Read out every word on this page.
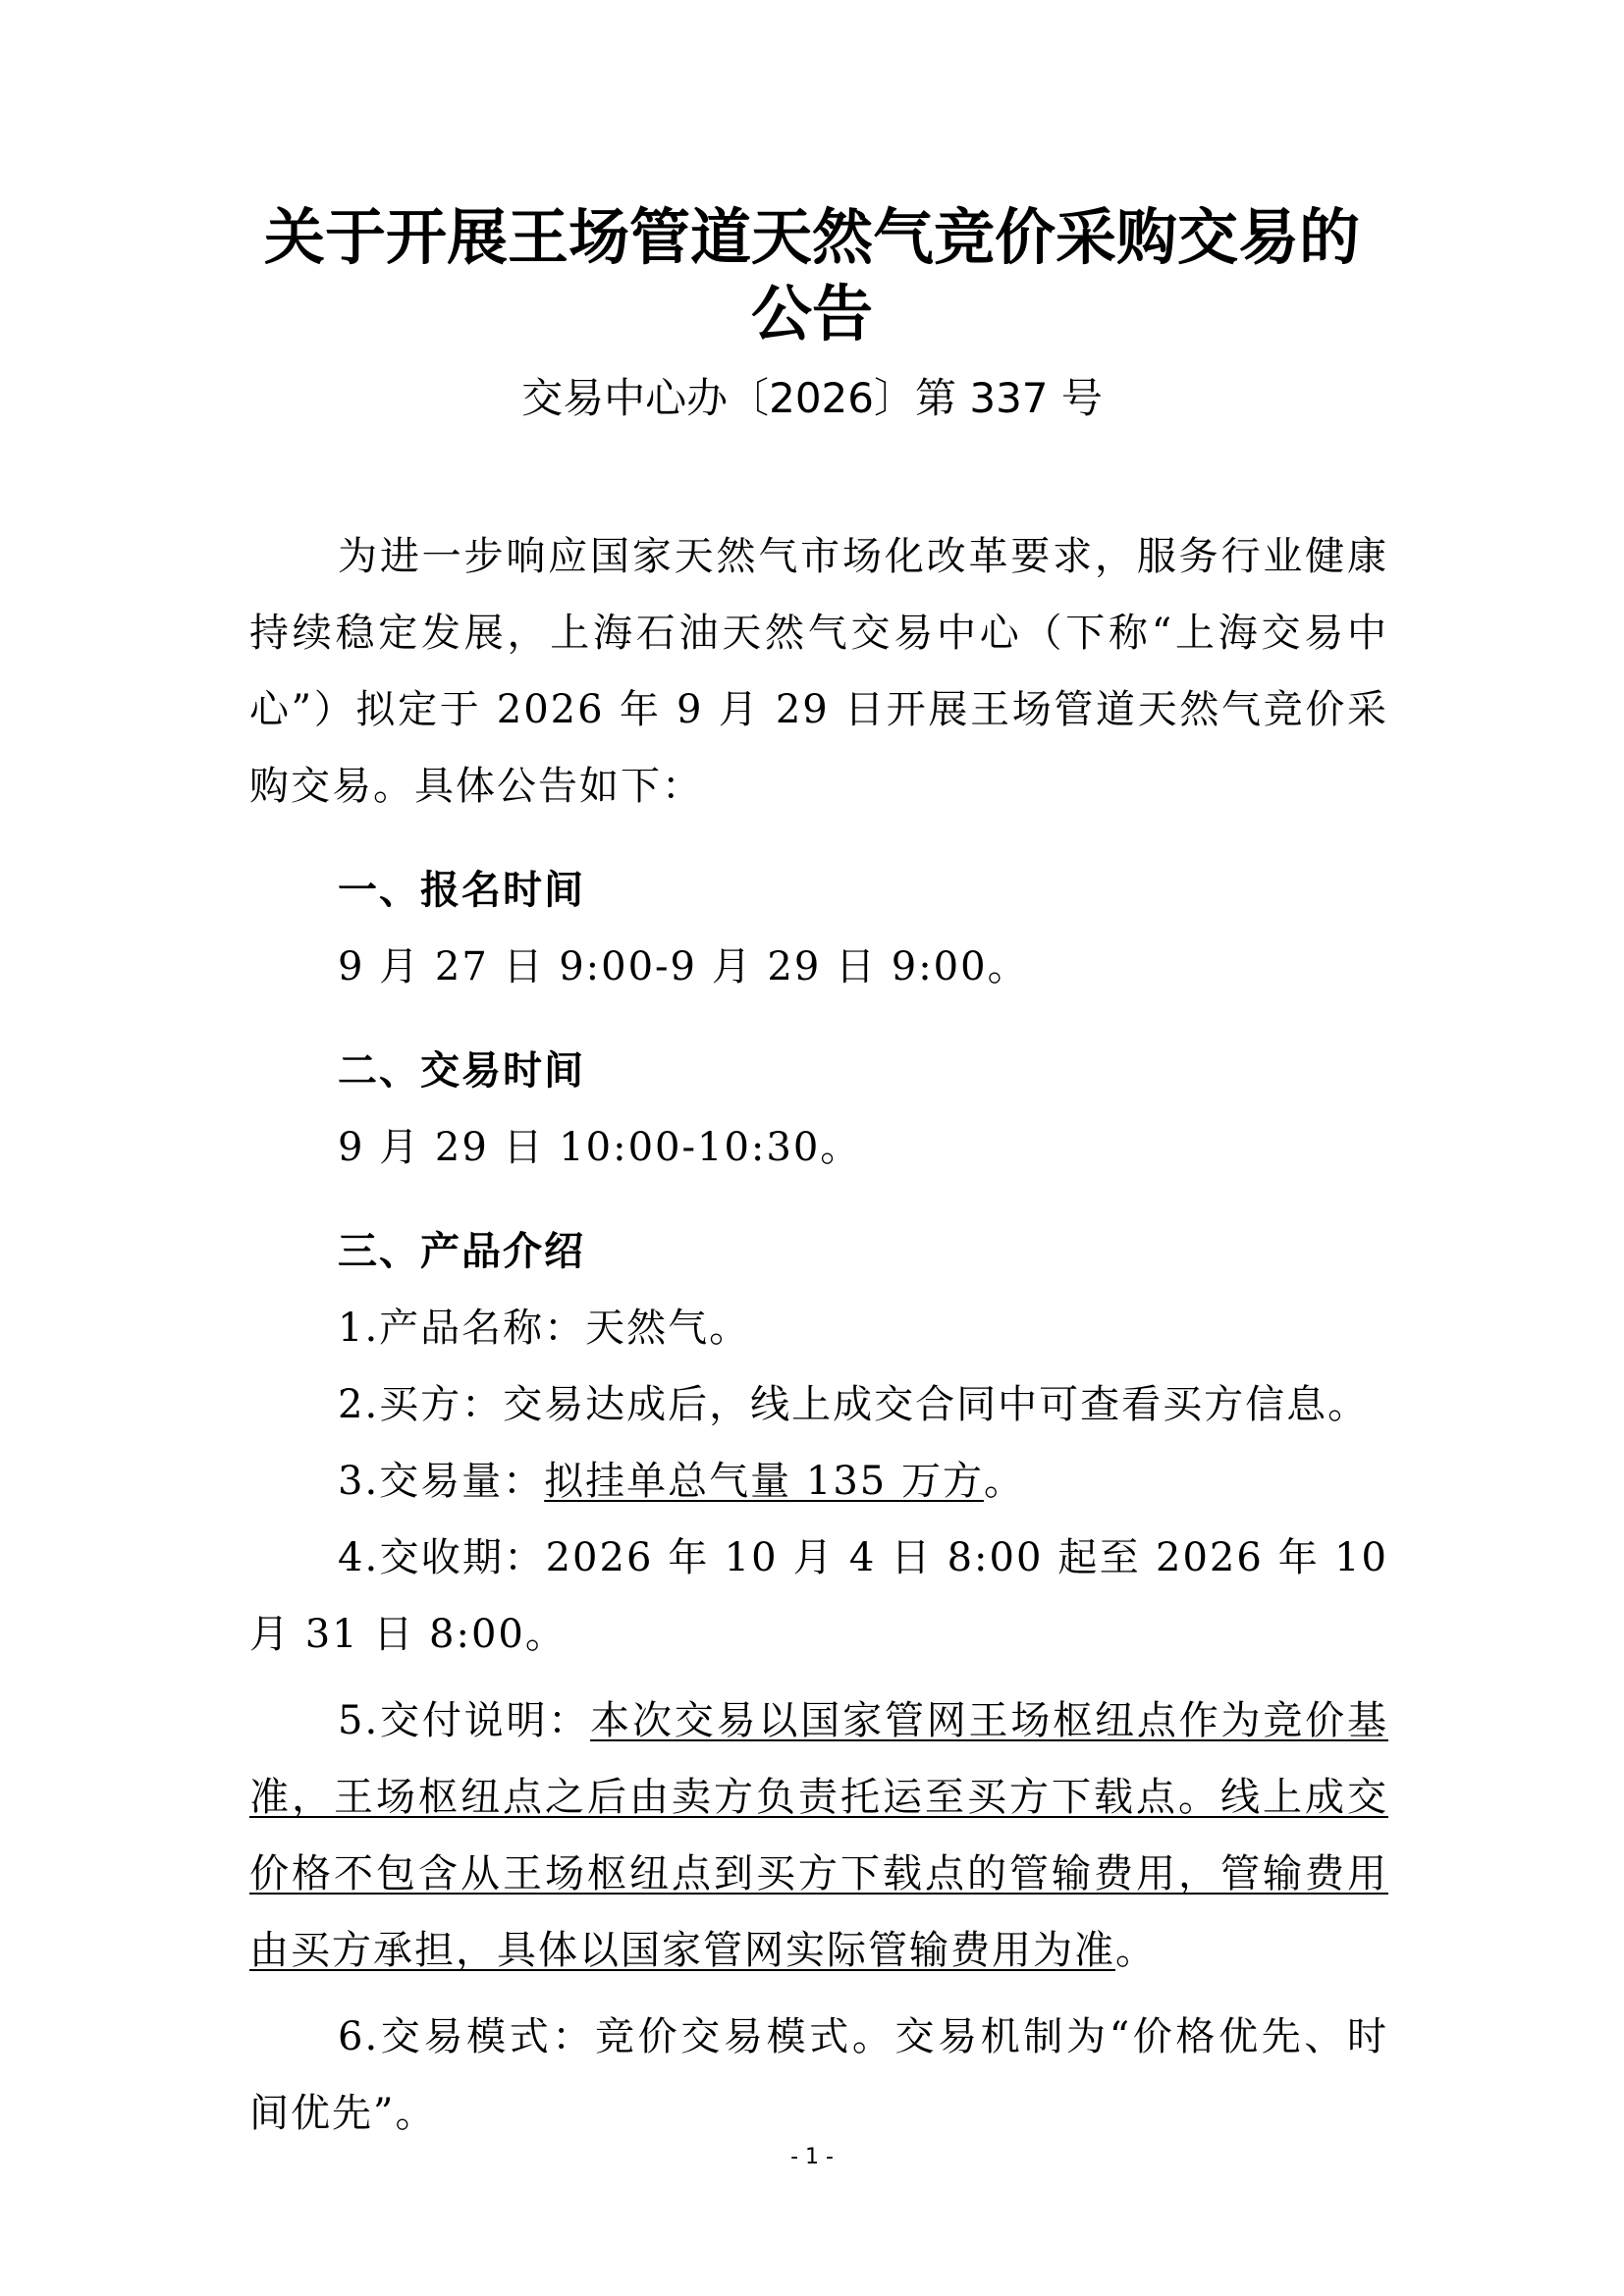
关于开展王场管道天然气竞价采购交易的
公告

交易中心办〔2026〕第 337 号

为进一步响应国家天然气市场化改革要求，服务行业健康持续稳定发展，上海石油天然气交易中心（下称“上海交易中心”）拟定于 2026 年 9 月 29 日开展王场管道天然气竞价采购交易。具体公告如下：

一、报名时间

9 月 27 日 9:00-9 月 29 日 9:00。

二、交易时间

9 月 29 日 10:00-10:30。

三、产品介绍

1.产品名称：天然气。

2.买方：交易达成后，线上成交合同中可查看买方信息。

3.交易量：拟挂单总气量 135 万方。

4.交收期：2026 年 10 月 4 日 8:00 起至 2026 年 10 月 31 日 8:00。

5.交付说明：本次交易以国家管网王场枢纽点作为竞价基准，王场枢纽点之后由卖方负责托运至买方下载点。线上成交价格不包含从王场枢纽点到买方下载点的管输费用，管输费用由买方承担，具体以国家管网实际管输费用为准。

6.交易模式：竞价交易模式。交易机制为“价格优先、时间优先”。

- 1 -
